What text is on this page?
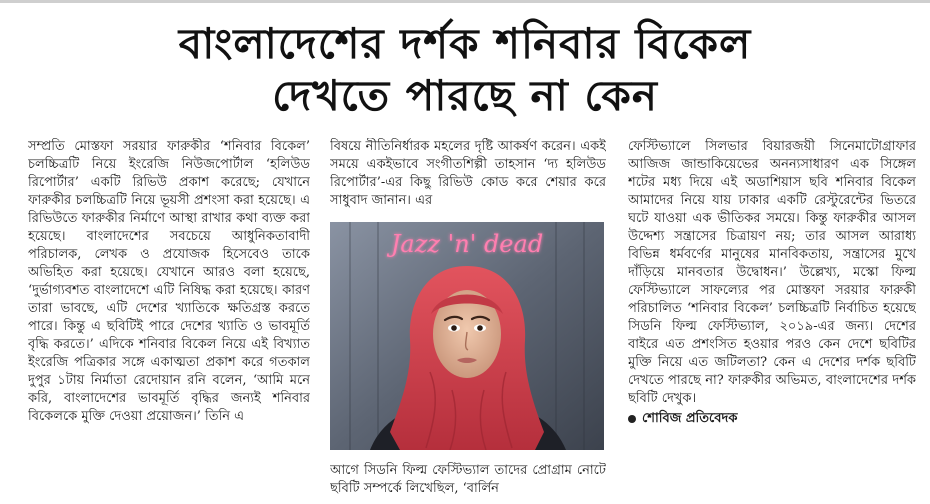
বাংলাদেশের দর্শক শনিবার বিকেল
দেখতে পারছে না কেন

সম্প্রতি মোস্তফা সরয়ার ফারুকীর ‘শনিবার বিকেল’ চলচ্চিত্রটি নিয়ে ইংরেজি নিউজপোর্টাল ‘হলিউড রিপোর্টার’ একটি রিভিউ প্রকাশ করেছে; যেখানে ফারুকীর চলচ্চিত্রটি নিয়ে ভূয়সী প্রশংসা করা হয়েছে। এ রিভিউতে ফারুকীর নির্মাণে আস্থা রাখার কথা ব্যক্ত করা হয়েছে। বাংলাদেশের সবচেয়ে আধুনিকতাবাদী পরিচালক, লেখক ও প্রযোজক হিসেবেও তাকে অভিহিত করা হয়েছে। যেখানে আরও বলা হয়েছে, ‘দুর্ভাগ্যবশত বাংলাদেশে এটি নিষিদ্ধ করা হয়েছে। কারণ তারা ভাবছে, এটি দেশের খ্যাতিকে ক্ষতিগ্রস্ত করতে পারে। কিন্তু এ ছবিটিই পারে দেশের খ্যাতি ও ভাবমূর্তি বৃদ্ধি করতে।’ এদিকে শনিবার বিকেল নিয়ে এই বিখ্যাত ইংরেজি পত্রিকার সঙ্গে একাত্মতা প্রকাশ করে গতকাল দুপুর ১টায় নির্মাতা রেদোয়ান রনি বলেন, ‘আমি মনে করি, বাংলাদেশের ভাবমূর্তি বৃদ্ধির জন্যই শনিবার বিকেলকে মুক্তি দেওয়া প্রয়োজন।’ তিনি এ

বিষয়ে নীতিনির্ধারক মহলের দৃষ্টি আকর্ষণ করেন। একই সময়ে একইভাবে সংগীতশিল্পী তাহসান ‘দ্য হলিউড রিপোর্টার’-এর কিছু রিভিউ কোড করে শেয়ার করে সাধুবাদ জানান। এর

Jazz 'n' dead

আগে সিডনি ফিল্ম ফেস্টিভ্যাল তাদের প্রোগ্রাম নোটে ছবিটি সম্পর্কে লিখেছিল, ‘বার্লিন

ফেস্টিভ্যালে সিলভার বিয়ারজয়ী সিনেমাটোগ্রাফার আজিজ জান্ডাকিয়েভের অনন্যসাধারণ এক সিঙ্গেল শটের মধ্য দিয়ে এই অডাশিয়াস ছবি শনিবার বিকেল আমাদের নিয়ে যায় ঢাকার একটি রেস্টুরেন্টের ভিতরে ঘটে যাওয়া এক ভীতিকর সময়ে। কিন্তু ফারুকীর আসল উদ্দেশ্য সন্ত্রাসের চিত্রায়ণ নয়; তার আসল আরাধ্য বিভিন্ন ধর্মবর্ণের মানুষের মানবিকতায়, সন্ত্রাসের মুখে দাঁড়িয়ে মানবতার উদ্বোধন।’ উল্লেখ্য, মস্কো ফিল্ম ফেস্টিভ্যালে সাফল্যের পর মোস্তফা সরয়ার ফারুকী পরিচালিত ‘শনিবার বিকেল’ চলচ্চিত্রটি নির্বাচিত হয়েছে সিডনি ফিল্ম ফেস্টিভ্যাল, ২০১৯-এর জন্য। দেশের বাইরে এত প্রশংসিত হওয়ার পরও কেন দেশে ছবিটির মুক্তি নিয়ে এত জটিলতা? কেন এ দেশের দর্শক ছবিটি দেখতে পারছে না? ফারুকীর অভিমত, বাংলাদেশের দর্শক ছবিটি দেখুক।

শোবিজ প্রতিবেদক
